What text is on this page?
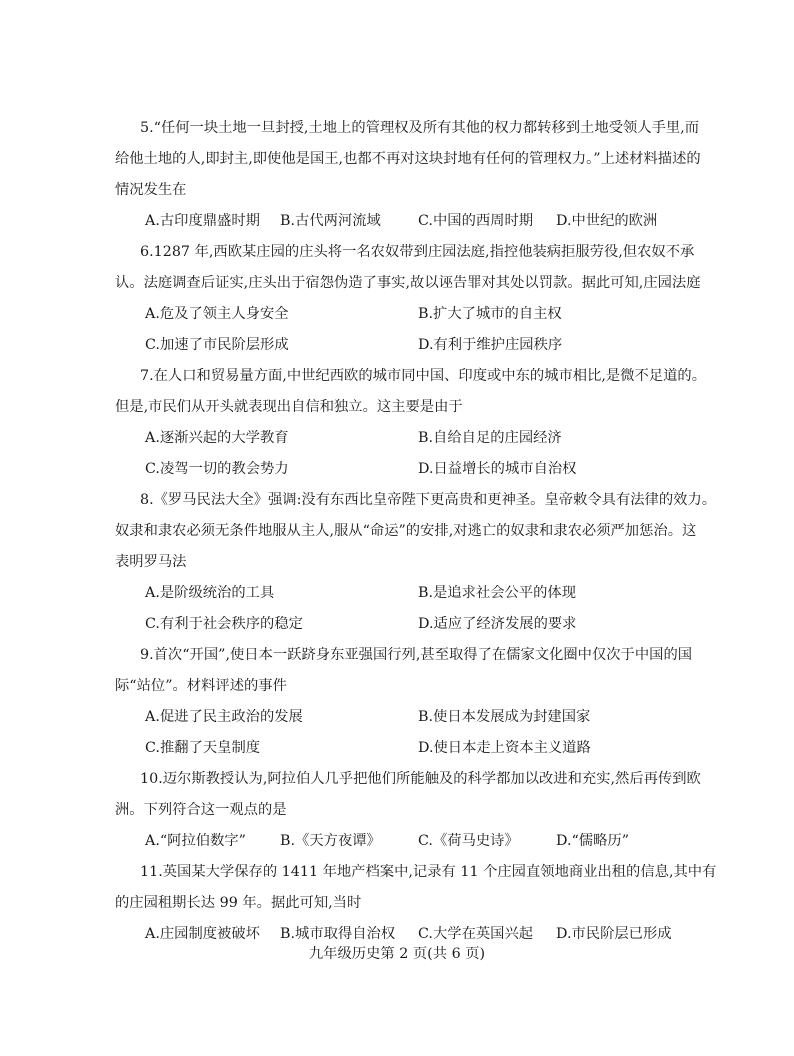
5.“任何一块土地一旦封授,土地上的管理权及所有其他的权力都转移到土地受领人手里,而
给他土地的人,即封主,即使他是国王,也都不再对这块封地有任何的管理权力。”上述材料描述的
情况发生在
A.古印度鼎盛时期 B.古代两河流域	C.中国的西周时期 D.中世纪的欧洲
6.1287 年,西欧某庄园的庄头将一名农奴带到庄园法庭,指控他装病拒服劳役,但农奴不承
认。法庭调查后证实,庄头出于宿怨伪造了事实,故以诬告罪对其处以罚款。据此可知,庄园法庭
A.危及了领主人身安全	B.扩大了城市的自主权
C.加速了市民阶层形成	D.有利于维护庄园秩序
7.在人口和贸易量方面,中世纪西欧的城市同中国、印度或中东的城市相比,是微不足道的。
但是,市民们从开头就表现出自信和独立。这主要是由于
A.逐渐兴起的大学教育	B.自给自足的庄园经济
C.凌驾一切的教会势力	D.日益增长的城市自治权
8.《罗马民法大全》强调:没有东西比皇帝陛下更高贵和更神圣。皇帝敕令具有法律的效力。
奴隶和隶农必须无条件地服从主人,服从“命运”的安排,对逃亡的奴隶和隶农必须严加惩治。这
表明罗马法
A.是阶级统治的工具	B.是追求社会公平的体现
C.有利于社会秩序的稳定	D.适应了经济发展的要求
9.首次“开国”,使日本一跃跻身东亚强国行列,甚至取得了在儒家文化圈中仅次于中国的国
际“站位”。材料评述的事件
A.促进了民主政治的发展	B.使日本发展成为封建国家
C.推翻了天皇制度	D.使日本走上资本主义道路
10.迈尔斯教授认为,阿拉伯人几乎把他们所能触及的科学都加以改进和充实,然后再传到欧
洲。下列符合这一观点的是
A.“阿拉伯数字” B.《天方夜谭》	C.《荷马史诗》	D.“儒略历”
11.英国某大学保存的 1411 年地产档案中,记录有 11 个庄园直领地商业出租的信息,其中有
的庄园租期长达 99 年。据此可知,当时
A.庄园制度被破坏 B.城市取得自治权 C.大学在英国兴起 D.市民阶层已形成
九年级历史第 2 页(共 6 页)
